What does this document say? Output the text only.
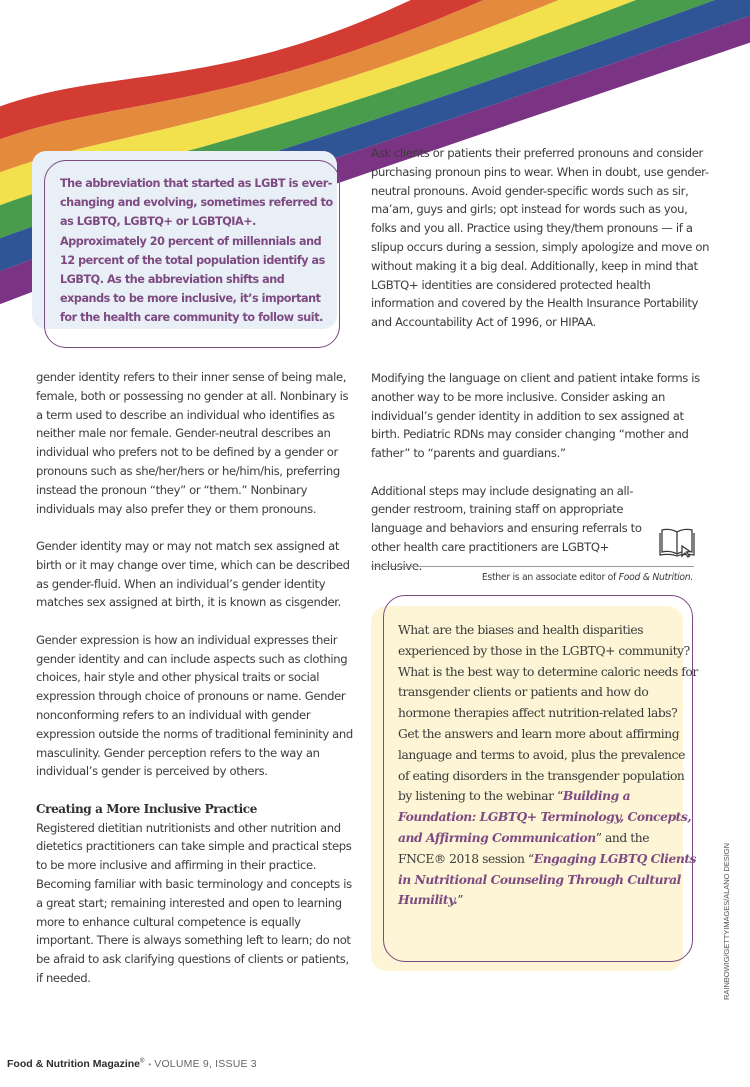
The abbreviation that started as LGBT is ever-changing and evolving, sometimes referred to as LGBTQ, LGBTQ+ or LGBTQIA+. Approximately 20 percent of millennials and 12 percent of the total population identify as LGBTQ. As the abbreviation shifts and expands to be more inclusive, it’s important for the health care community to follow suit.

Ask clients or patients their preferred pronouns and consider purchasing pronoun pins to wear. When in doubt, use gender-neutral pronouns. Avoid gender-specific words such as sir, ma’am, guys and girls; opt instead for words such as you, folks and you all. Practice using they/them pronouns — if a slipup occurs during a session, simply apologize and move on without making it a big deal. Additionally, keep in mind that LGBTQ+ identities are considered protected health information and covered by the Health Insurance Portability and Accountability Act of 1996, or HIPAA.

gender identity refers to their inner sense of being male, female, both or possessing no gender at all. Nonbinary is a term used to describe an individual who identifies as neither male nor female. Gender-neutral describes an individual who prefers not to be defined by a gender or pronouns such as she/her/hers or he/him/his, preferring instead the pronoun “they” or “them.” Nonbinary individuals may also prefer they or them pronouns.

Gender identity may or may not match sex assigned at birth or it may change over time, which can be described as gender-fluid. When an individual’s gender identity matches sex assigned at birth, it is known as cisgender.

Gender expression is how an individual expresses their gender identity and can include aspects such as clothing choices, hair style and other physical traits or social expression through choice of pronouns or name. Gender nonconforming refers to an individual with gender expression outside the norms of traditional femininity and masculinity. Gender perception refers to the way an individual’s gender is perceived by others.

Creating a More Inclusive Practice

Registered dietitian nutritionists and other nutrition and dietetics practitioners can take simple and practical steps to be more inclusive and affirming in their practice. Becoming familiar with basic terminology and concepts is a great start; remaining interested and open to learning more to enhance cultural competence is equally important. There is always something left to learn; do not be afraid to ask clarifying questions of clients or patients, if needed.

Modifying the language on client and patient intake forms is another way to be more inclusive. Consider asking an individual’s gender identity in addition to sex assigned at birth. Pediatric RDNs may consider changing “mother and father” to “parents and guardians.”

Additional steps may include designating an all-gender restroom, training staff on appropriate language and behaviors and ensuring referrals to other health care practitioners are LGBTQ+ inclusive.

Esther is an associate editor of Food & Nutrition.

What are the biases and health disparities experienced by those in the LGBTQ+ community? What is the best way to determine caloric needs for transgender clients or patients and how do hormone therapies affect nutrition-related labs? Get the answers and learn more about affirming language and terms to avoid, plus the prevalence of eating disorders in the transgender population by listening to the webinar “Building a Foundation: LGBTQ+ Terminology, Concepts, and Affirming Communication” and the FNCE® 2018 session “Engaging LGBTQ Clients in Nutritional Counseling Through Cultural Humility.”	RAINBOWIG/GETTYIMAGES/ALANO DESIGN
Food & Nutrition Magazine® • VOLUME 9, ISSUE 3
